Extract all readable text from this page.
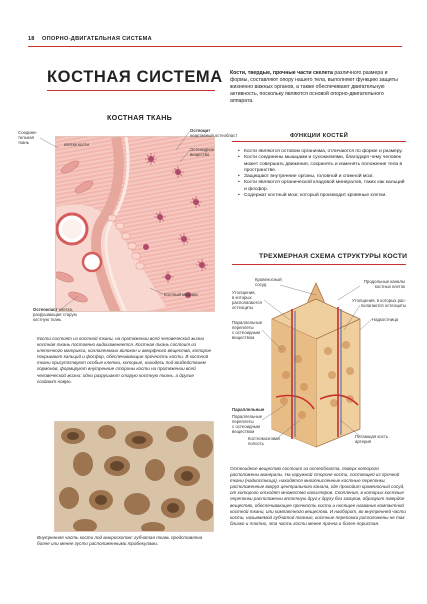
18 ОПОРНО-ДВИГАТЕЛЬНАЯ СИСТЕМА
КОСТНАЯ СИСТЕМА Кости, твердые, прочные части скелета различного размера и формы, составляют опору нашего тела, выполняют функцию защиты жизненно важных органов, а также обеспечивают двигательную активность, поскольку являются основой опорно-двигательного аппарата.
КОСТНАЯ ТКАНЬ
Соедини-
тельная
ткань	клетки кости
Остеоцит
неактивный остеобласт
Остеоидное
вещество
Остеокласт клетка,
разрушающая старую
костную ткань
Костный матрикс
Кости состоят из костной ткани, на протяжении всей человеческой жизни костная ткань постоянно видоизменяется. Костная ткань состоит из клеточного матрикса, коллагеновых волокон и аморфного вещества, которое покрывают кальций и фосфор, обеспечивающие прочность кости. В костной ткани присутствуют особые клетки, которые, находясь под воздействием гормонов, формируют внутренние стороны кости на протяжении всей человеческой жизни: одни разрушают старую костную ткань, а другие создают новую.
Внутренняя часть кости под микроскопом: губчатая ткань представлена более или менее густо расположенными трабекулами.
ФУНКЦИИ КОСТЕЙ
• Кости являются остовом организма, отличаются по форме и размеру.
• Кости соединены мышцами и сухожилиями, благодаря чему человек может совершать движения, сохранять и изменять положение тела в пространстве.
• Защищают внутренние органы, головной и спинной мозг.
• Кости являются органической кладовой минералов, таких как кальций и фосфор.
• Содержат костный мозг, который производит кровяные клетки.
ТРЕХМЕРНАЯ СХЕМА СТРУКТУРЫ КОСТИ
Кровеносный
сосуд
Продольные каналы
костных клеток
Утолщения,
в которых
располагаются
остеоциты
Утолщения, в которых рас-
полагаются остеоциты
Надкостница
Параллельные
переплеты
с остеоидным
веществом
Параллельные
Параллельные
переплеты
с остеоидным
веществом
Костномозговая
полость
Питающая кость
артерия
Остеоидное вещество состоит из остеобласта, поверх которого расположены минералы. На наружной стороне кости, состоящей из прочной ткани (надкостница), находятся многочисленные костные перепонки, расположенные вокруг центрального канала, где проходит кровеносный сосуд, от которого отходят множество капилляров. Скопления, в которых костные перепонки расположены вплотную друг к другу без зазоров, образуют твердое вещество, обеспечивающее прочность кости и носящее название компактной костной ткани, или компактного вещества. И наоборот, во внутренней части кости, называемой губчатой тканью, костные перепонки расположены не так близко и плотно, эта часть кости менее прочна и более пористая.
